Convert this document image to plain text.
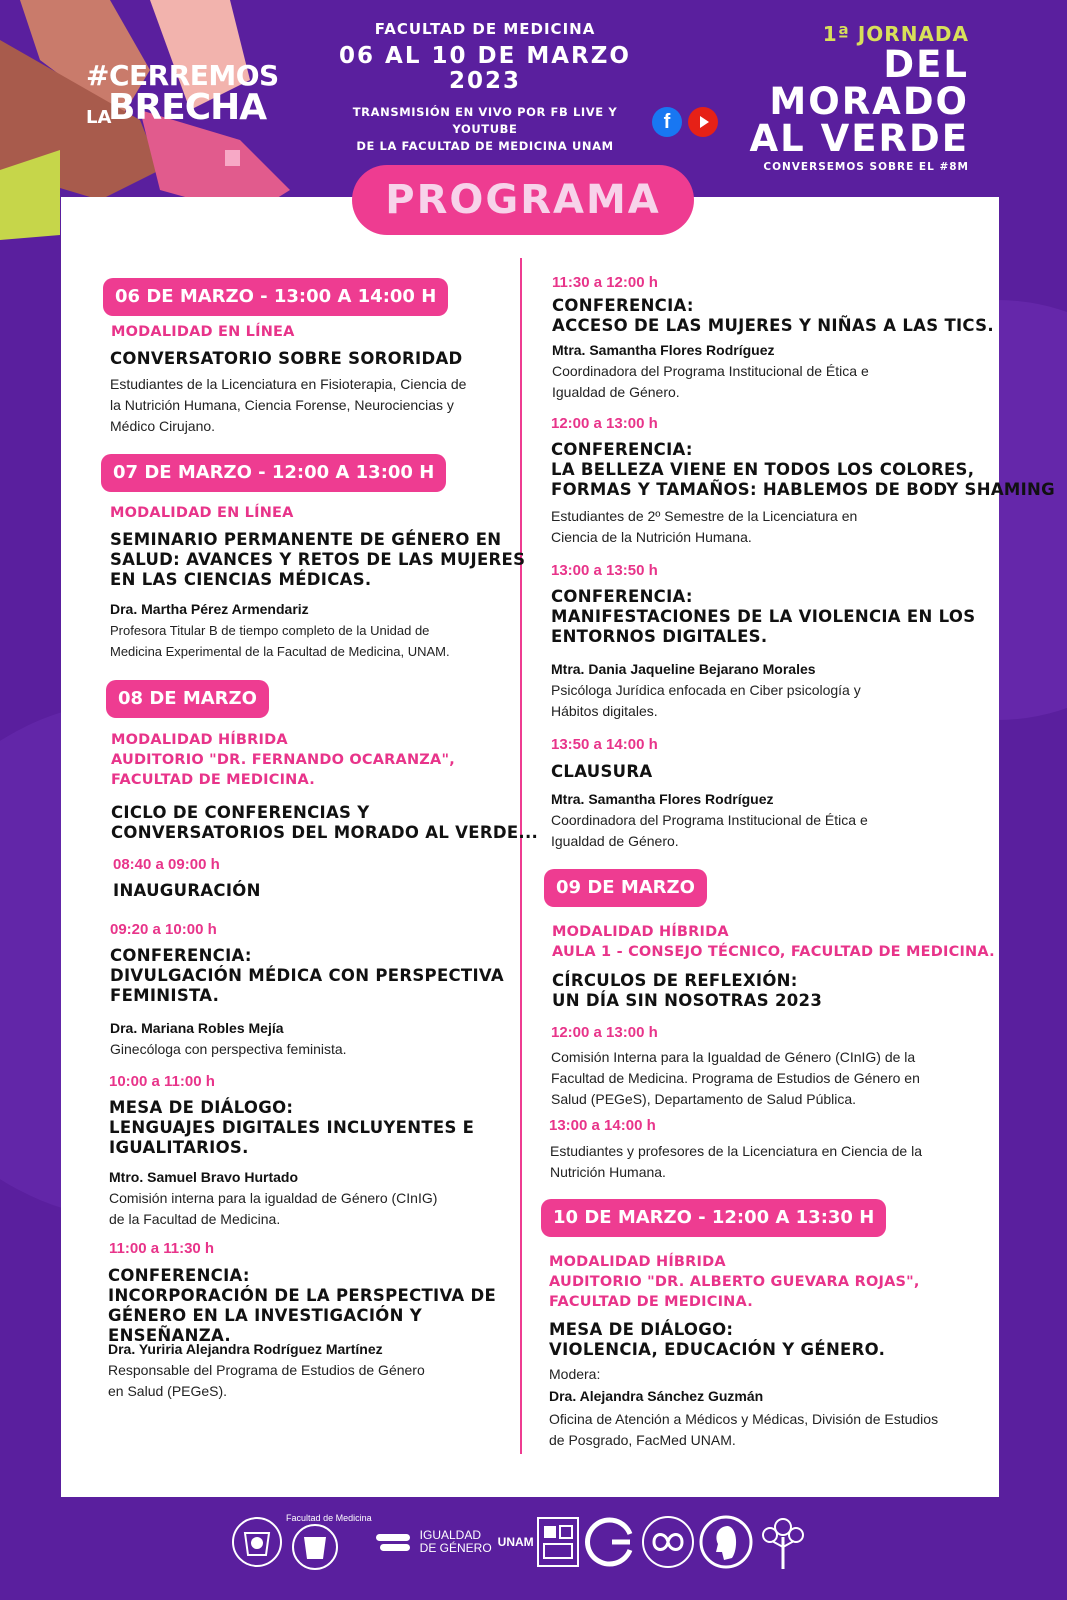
#CERREMOS
LA
BRECHA
FACULTAD DE MEDICINA
06 AL 10 DE MARZO 2023
TRANSMISIÓN EN VIVO POR FB LIVE Y YOUTUBE
DE LA FACULTAD DE MEDICINA UNAM
f
1ª JORNADA
DEL
MORADO
AL VERDE
CONVERSEMOS SOBRE EL #8M
PROGRAMA
06 DE MARZO - 13:00 A 14:00 H
MODALIDAD EN LÍNEA
CONVERSATORIO SOBRE SORORIDAD
Estudiantes de la Licenciatura en Fisioterapia, Ciencia de
la Nutrición Humana, Ciencia Forense, Neurociencias y
Médico Cirujano.
07 DE MARZO - 12:00 A 13:00 H
MODALIDAD EN LÍNEA
SEMINARIO PERMANENTE DE GÉNERO EN
SALUD: AVANCES Y RETOS DE LAS MUJERES
EN LAS CIENCIAS MÉDICAS.
Dra. Martha Pérez Armendariz
Profesora Titular B de tiempo completo de la Unidad de
Medicina Experimental de la Facultad de Medicina, UNAM.
08 DE MARZO
MODALIDAD HÍBRIDA
AUDITORIO "DR. FERNANDO OCARANZA",
FACULTAD DE MEDICINA.
CICLO DE CONFERENCIAS Y
CONVERSATORIOS DEL MORADO AL VERDE...
08:40 a 09:00 h
INAUGURACIÓN
09:20 a 10:00 h
CONFERENCIA:
DIVULGACIÓN MÉDICA CON PERSPECTIVA
FEMINISTA.
Dra. Mariana Robles Mejía
Ginecóloga con perspectiva feminista.
10:00 a 11:00 h
MESA DE DIÁLOGO:
LENGUAJES DIGITALES INCLUYENTES E
IGUALITARIOS.
Mtro. Samuel Bravo Hurtado
Comisión interna para la igualdad de Género (CInIG)
de la Facultad de Medicina.
11:00 a 11:30 h
CONFERENCIA:
INCORPORACIÓN DE LA PERSPECTIVA DE
GÉNERO EN LA INVESTIGACIÓN Y
ENSEÑANZA.
Dra. Yuriria Alejandra Rodríguez Martínez
Responsable del Programa de Estudios de Género
en Salud (PEGeS).
11:30 a 12:00 h
CONFERENCIA:
ACCESO DE LAS MUJERES Y NIÑAS A LAS TICS.
Mtra. Samantha Flores Rodríguez
Coordinadora del Programa Institucional de Ética e
Igualdad de Género.
12:00 a 13:00 h
CONFERENCIA:
LA BELLEZA VIENE EN TODOS LOS COLORES,
FORMAS Y TAMAÑOS: HABLEMOS DE BODY SHAMING
Estudiantes de 2º Semestre de la Licenciatura en
Ciencia de la Nutrición Humana.
13:00 a 13:50 h
CONFERENCIA:
MANIFESTACIONES DE LA VIOLENCIA EN LOS
ENTORNOS DIGITALES.
Mtra. Dania Jaqueline Bejarano Morales
Psicóloga Jurídica enfocada en Ciber psicología y
Hábitos digitales.
13:50 a 14:00 h
CLAUSURA
Mtra. Samantha Flores Rodríguez
Coordinadora del Programa Institucional de Ética e
Igualdad de Género.
09 DE MARZO
MODALIDAD HÍBRIDA
AULA 1 - CONSEJO TÉCNICO, FACULTAD DE MEDICINA.
CÍRCULOS DE REFLEXIÓN:
UN DÍA SIN NOSOTRAS 2023
12:00 a 13:00 h
Comisión Interna para la Igualdad de Género (CInIG) de la
Facultad de Medicina. Programa de Estudios de Género en
Salud (PEGeS), Departamento de Salud Pública.
13:00 a 14:00 h
Estudiantes y profesores de la Licenciatura en Ciencia de la
Nutrición Humana.
10 DE MARZO - 12:00 A 13:30 H
MODALIDAD HÍBRIDA
AUDITORIO "DR. ALBERTO GUEVARA ROJAS",
FACULTAD DE MEDICINA.
MESA DE DIÁLOGO:
VIOLENCIA, EDUCACIÓN Y GÉNERO.
Modera:
Dra. Alejandra Sánchez Guzmán
Oficina de Atención a Médicos y Médicas, División de Estudios
de Posgrado, FacMed UNAM.
Facultad de Medicina
IGUALDAD
DE GÉNERO UNAM
